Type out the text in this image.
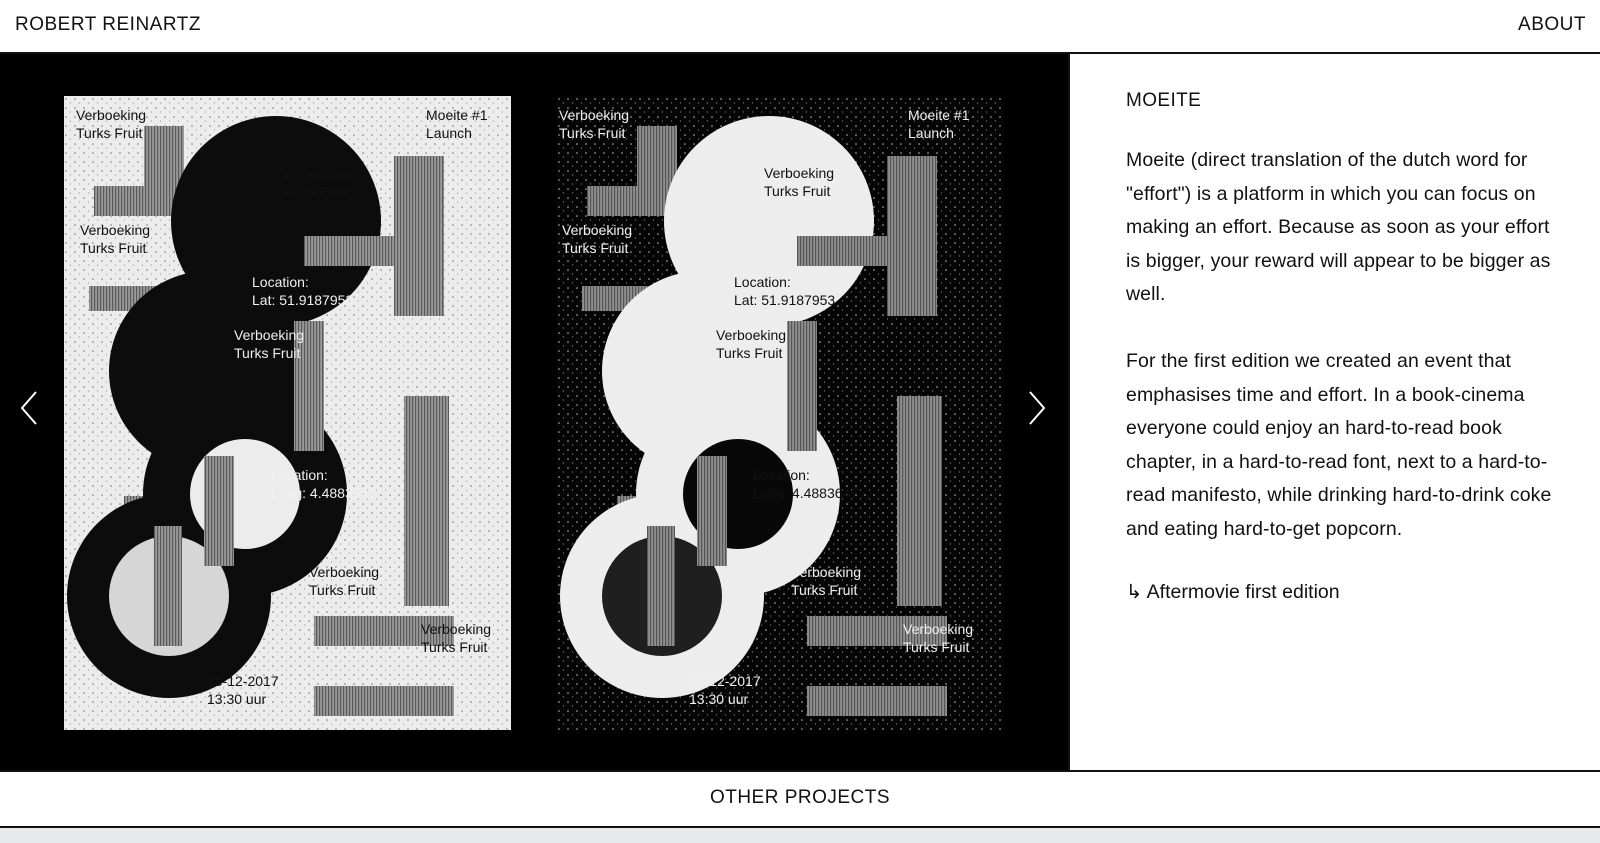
ROBERT REINARTZ	ABOUT
Verboeking
Turks Fruit
Moeite #1
Launch
Verboeking
Turks Fruit
Verboeking
Turks Fruit
Location:
Lat: 51.9187953
Verboeking
Turks Fruit
Location:
Long: 4.4883647
Verboeking
Turks Fruit
Verboeking
Turks Fruit
15-12-2017
13:30 uur
Verboeking
Turks Fruit
Moeite #1
Launch
Verboeking
Turks Fruit
Verboeking
Turks Fruit
Location:
Lat: 51.9187953
Verboeking
Turks Fruit
Location:
Long: 4.4883647
Verboeking
Turks Fruit
Verboeking
Turks Fruit
15-12-2017
13:30 uur
MOEITE

Moeite (direct translation of the dutch word for "effort") is a platform in which you can focus on making an effort. Because as soon as your effort is bigger, your reward will appear to be bigger as well.

For the first edition we created an event that emphasises time and effort. In a book-cinema everyone could enjoy an hard-to-read book chapter, in a hard-to-read font, next to a hard-to-read manifesto, while drinking hard-to-drink coke and eating hard-to-get popcorn.

↳ Aftermovie first edition
OTHER PROJECTS
